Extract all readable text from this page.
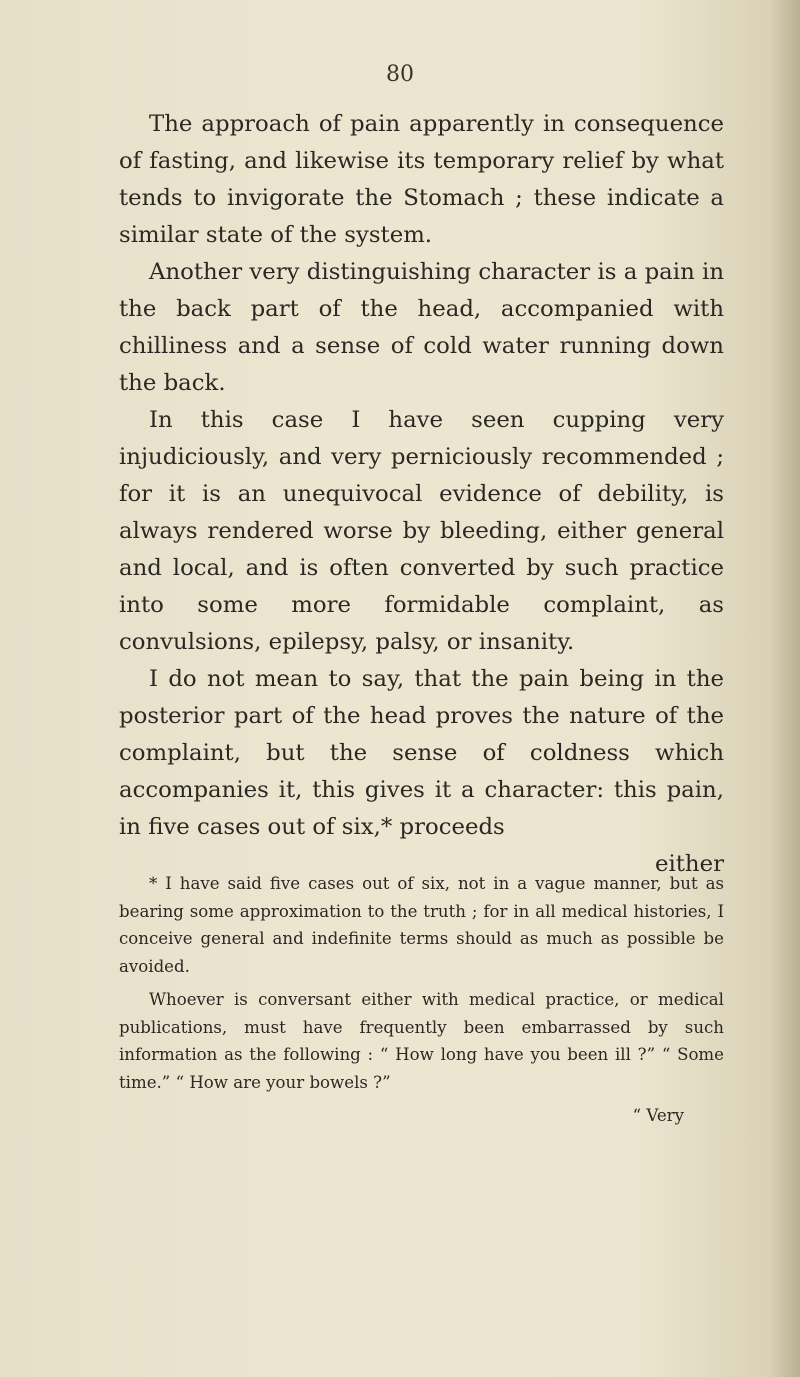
80

The approach of pain apparently in consequence of fasting, and likewise its temporary relief by what tends to invigorate the Stomach ; these indicate a similar state of the system.

Another very distinguishing character is a pain in the back part of the head, accompanied with chilliness and a sense of cold water running down the back.

In this case I have seen cupping very injudiciously, and very perniciously recommended ; for it is an unequivocal evidence of debility, is always rendered worse by bleeding, either general and local, and is often converted by such practice into some more formidable complaint, as convulsions, epilepsy, palsy, or insanity.

I do not mean to say, that the pain being in the posterior part of the head proves the nature of the complaint, but the sense of coldness which accompanies it, this gives it a character: this pain, in five cases out of six,* proceeds

either

* I have said five cases out of six, not in a vague manner, but as bearing some approximation to the truth ; for in all medical histories, I conceive general and indefinite terms should as much as possible be avoided.

Whoever is conversant either with medical practice, or medical publications, must have frequently been embarrassed by such information as the following : “ How long have you been ill ?” “ Some time.” “ How are your bowels ?”

“ Very
